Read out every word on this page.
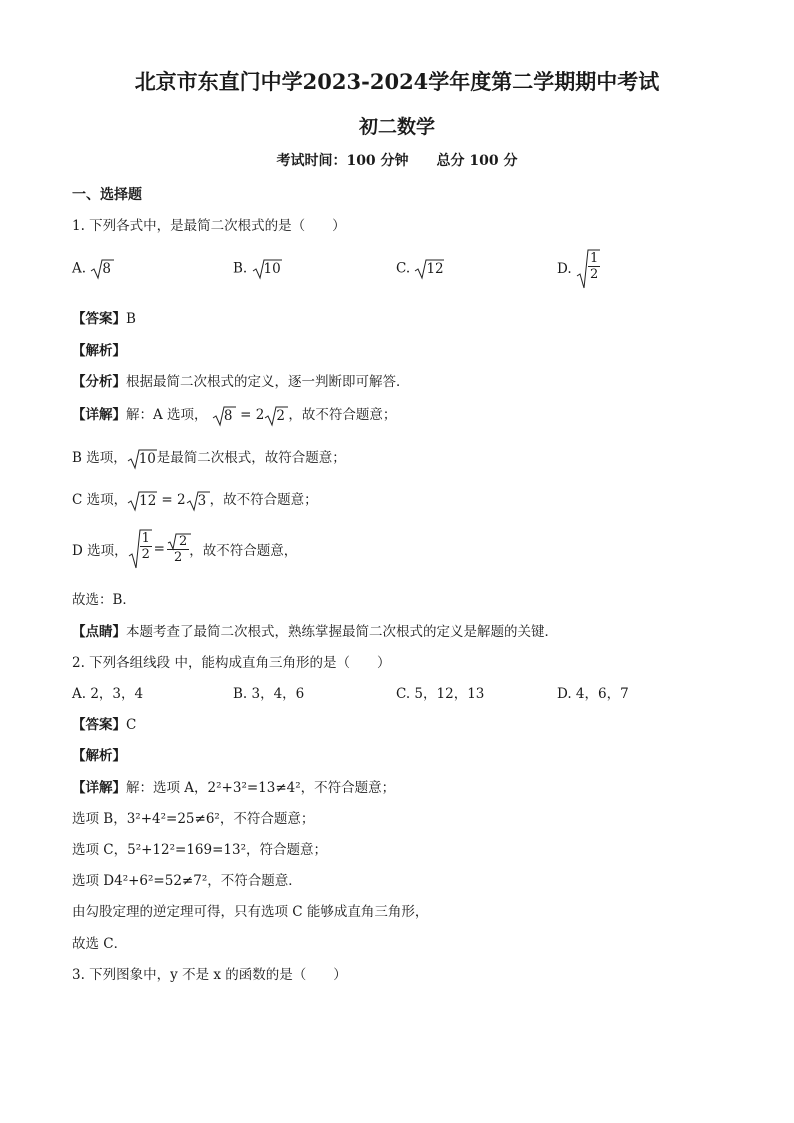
北京市东直门中学2023-2024学年度第二学期期中考试
初二数学
考试时间：100 分钟　　总分 100 分
一、选择题
1. 下列各式中，是最简二次根式的是（　　）
A. 8	B. 10	C. 12	D. $\frac{1}{2}$
【答案】B
【解析】
【分析】根据最简二次根式的定义，逐一判断即可解答．
【详解】解：A 选项， 8 = 2 2 ，故不符合题意；
B 选项， 10 是最简二次根式，故符合题意；
C 选项， 12 = 2 3 ，故不符合题意；
D 选项， $\frac{1}{2} = \frac{2}{2}$ ，故不符合题意，
故选：B．
【点睛】本题考查了最简二次根式，熟练掌握最简二次根式的定义是解题的关键．
2. 下列各组线段 中，能构成直角三角形的是（　　）
A. 2，3，4	B. 3，4，6	C. 5，12，13	D. 4，6，7
【答案】C
【解析】
【详解】解：选项 A，2²+3²=13≠4²，不符合题意；
选项 B，3²+4²=25≠6²，不符合题意；
选项 C，5²+12²=169=13²，符合题意；
选项 D4²+6²=52≠7²，不符合题意．
由勾股定理的逆定理可得，只有选项 C 能够成直角三角形，
故选 C．
3. 下列图象中，y 不是 x 的函数的是（　　）
